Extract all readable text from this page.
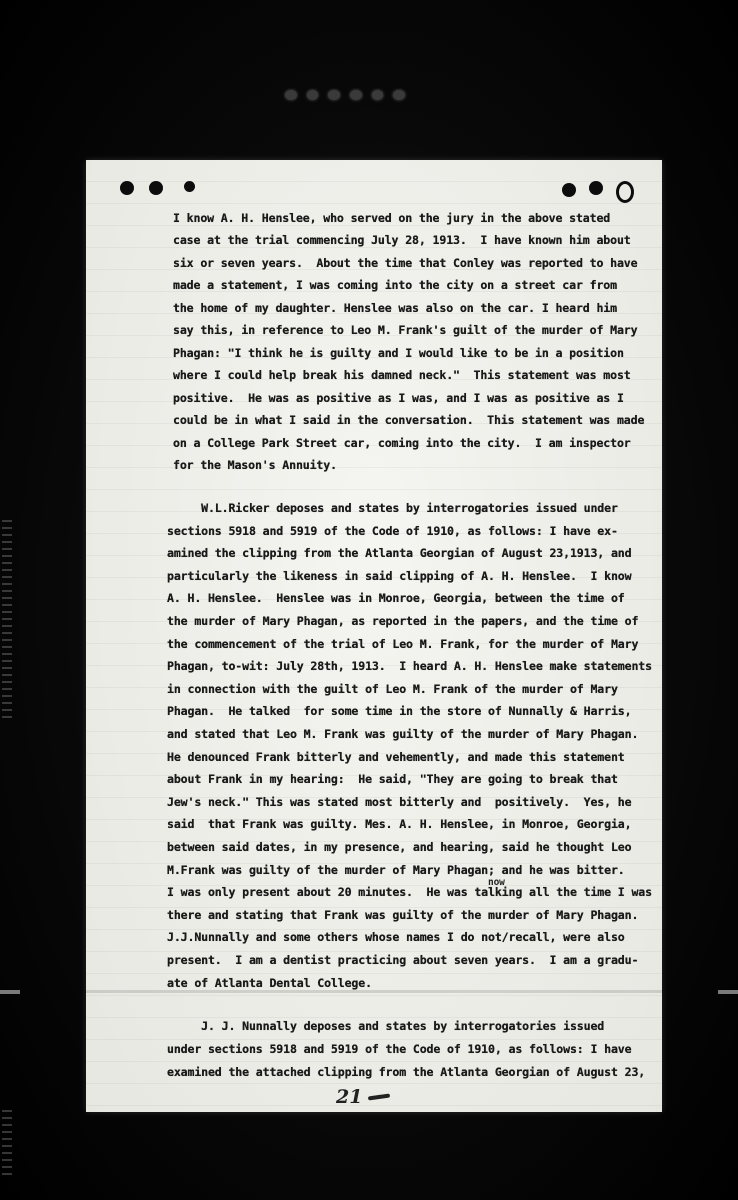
I know A. H. Henslee, who served on the jury in the above stated
case at the trial commencing July 28, 1913.  I have known him about
six or seven years.  About the time that Conley was reported to have
made a statement, I was coming into the city on a street car from
the home of my daughter. Henslee was also on the car. I heard him
say this, in reference to Leo M. Frank's guilt of the murder of Mary
Phagan: "I think he is guilty and I would like to be in a position
where I could help break his damned neck."  This statement was most
positive.  He was as positive as I was, and I was as positive as I
could be in what I said in the conversation.  This statement was made
on a College Park Street car, coming into the city.  I am inspector
for the Mason's Annuity.
W.L.Ricker deposes and states by interrogatories issued under
sections 5918 and 5919 of the Code of 1910, as follows: I have ex-
amined the clipping from the Atlanta Georgian of August 23,1913, and
particularly the likeness in said clipping of A. H. Henslee.  I know
A. H. Henslee.  Henslee was in Monroe, Georgia, between the time of
the murder of Mary Phagan, as reported in the papers, and the time of
the commencement of the trial of Leo M. Frank, for the murder of Mary
Phagan, to-wit: July 28th, 1913.  I heard A. H. Henslee make statements
in connection with the guilt of Leo M. Frank of the murder of Mary
Phagan.  He talked  for some time in the store of Nunnally & Harris,
and stated that Leo M. Frank was guilty of the murder of Mary Phagan.
He denounced Frank bitterly and vehemently, and made this statement
about Frank in my hearing:  He said, "They are going to break that
Jew's neck." This was stated most bitterly and  positively.  Yes, he
said  that Frank was guilty. Mes. A. H. Henslee, in Monroe, Georgia,
between said dates, in my presence, and hearing, said he thought Leo
M.Frank was guilty of the murder of Mary Phagan; and he was bitter.
I was only present about 20 minutes.  He was talking all the time I was
there and stating that Frank was guilty of the murder of Mary Phagan.
J.J.Nunnally and some others whose names I do not/recall, were also
present.  I am a dentist practicing about seven years.  I am a gradu-
ate of Atlanta Dental College.
now
J. J. Nunnally deposes and states by interrogatories issued
under sections 5918 and 5919 of the Code of 1910, as follows: I have
examined the attached clipping from the Atlanta Georgian of August 23,
21
